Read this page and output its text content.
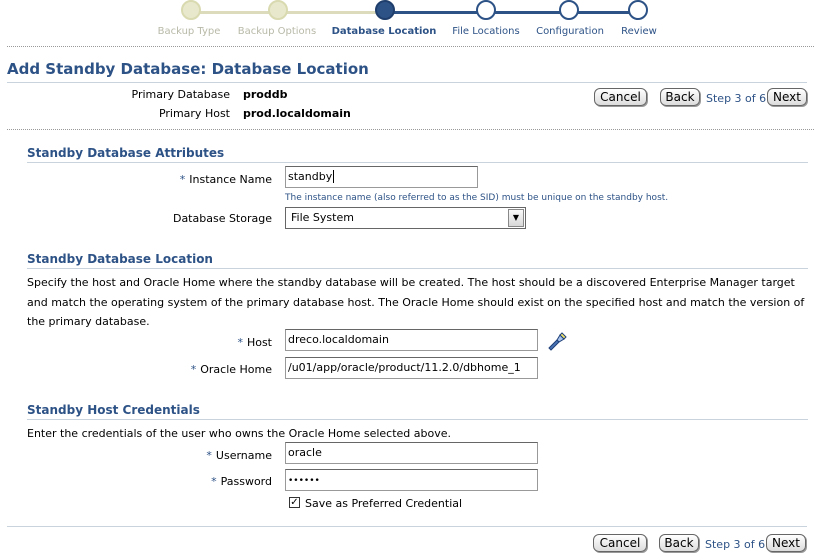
Backup Type Backup Options Database Location File Locations Configuration Review
Add Standby Database: Database Location
Primary Database proddb
Primary Host prod.localdomain
Cancel	Back	Step 3 of 6 Next
Standby Database Attributes
* Instance Name standby
The instance name (also referred to as the SID) must be unique on the standby host.
Database Storage	File System	▼
Standby Database Location
Specify the host and Oracle Home where the standby database will be created. The host should be a discovered Enterprise Manager target and match the operating system of the primary database host. The Oracle Home should exist on the specified host and match the version of the primary database.
* Host dreco.localdomain
* Oracle Home /u01/app/oracle/product/11.2.0/dbhome_1
Standby Host Credentials
Enter the credentials of the user who owns the Oracle Home selected above.
* Username oracle
* Password	••••••
✓ Save as Preferred Credential
Cancel	Back	Step 3 of 6 Next
